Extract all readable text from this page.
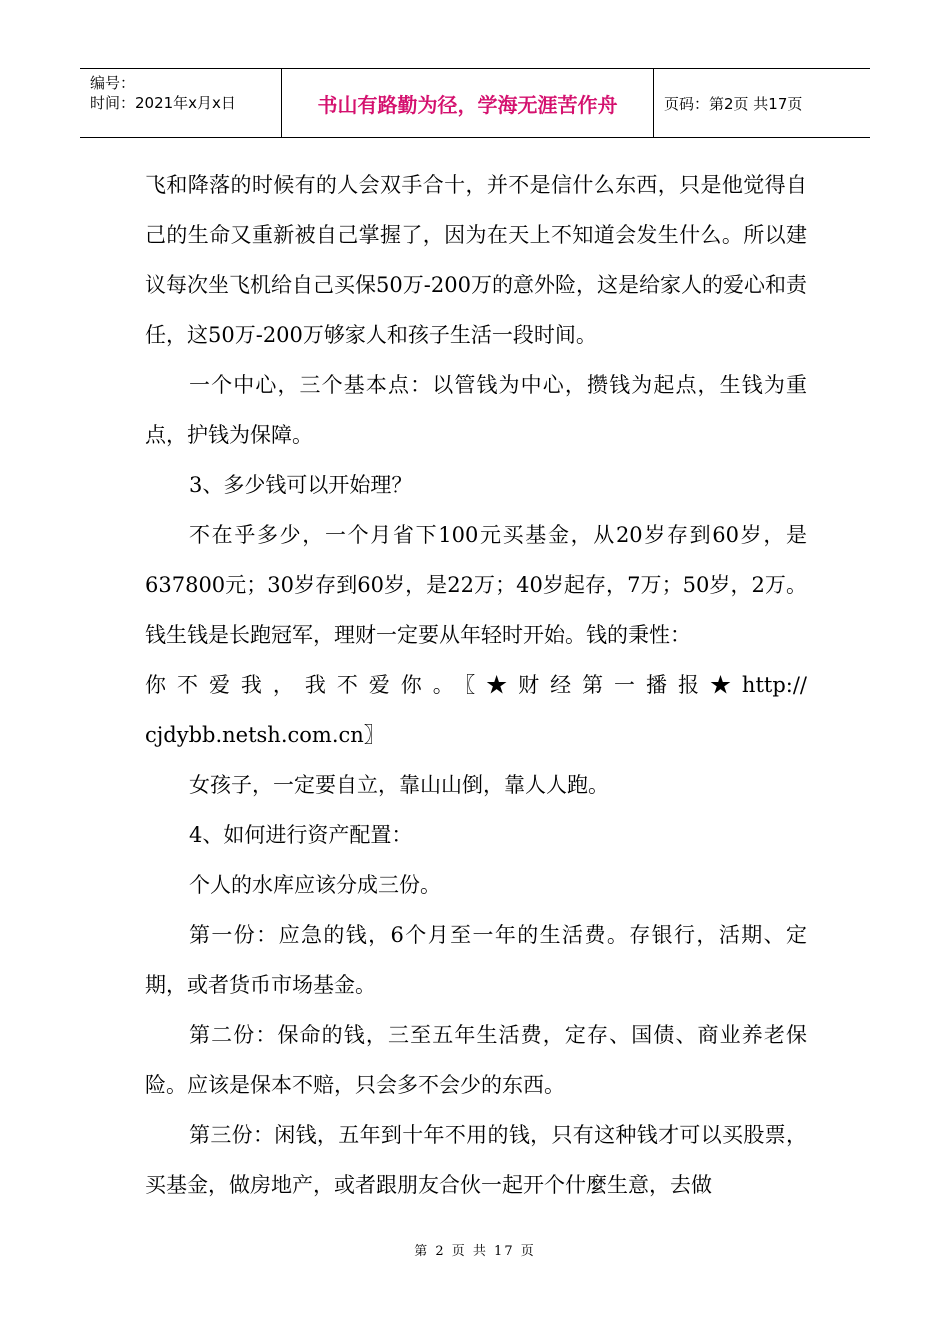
编号：
时间：2021年x月x日	书山有路勤为径，学海无涯苦作舟	页码：第2页 共17页

飞和降落的时候有的人会双手合十，并不是信什么东西，只是他觉得自己的生命又重新被自己掌握了，因为在天上不知道会发生什么。所以建议每次坐飞机给自己买保50万-200万的意外险，这是给家人的爱心和责任，这50万-200万够家人和孩子生活一段时间。

一个中心，三个基本点：以管钱为中心，攒钱为起点，生钱为重点，护钱为保障。

3、多少钱可以开始理？

不在乎多少，一个月省下100元买基金，从20岁存到60岁，是637800元；30岁存到60岁，是22万；40岁起存，7万；50岁，2万。钱生钱是长跑冠军，理财一定要从年轻时开始。钱的秉性：

你不爱我，我不爱你。〖★财经第一播报★http://

cjdybb.netsh.com.cn〗

女孩子，一定要自立，靠山山倒，靠人人跑。

4、如何进行资产配置：

个人的水库应该分成三份。

第一份：应急的钱，6个月至一年的生活费。存银行，活期、定期，或者货币市场基金。

第二份：保命的钱，三至五年生活费，定存、国债、商业养老保险。应该是保本不赔，只会多不会少的东西。

第三份：闲钱，五年到十年不用的钱，只有这种钱才可以买股票，买基金，做房地产，或者跟朋友合伙一起开个什麼生意，去做

第 2 页 共 17 页
